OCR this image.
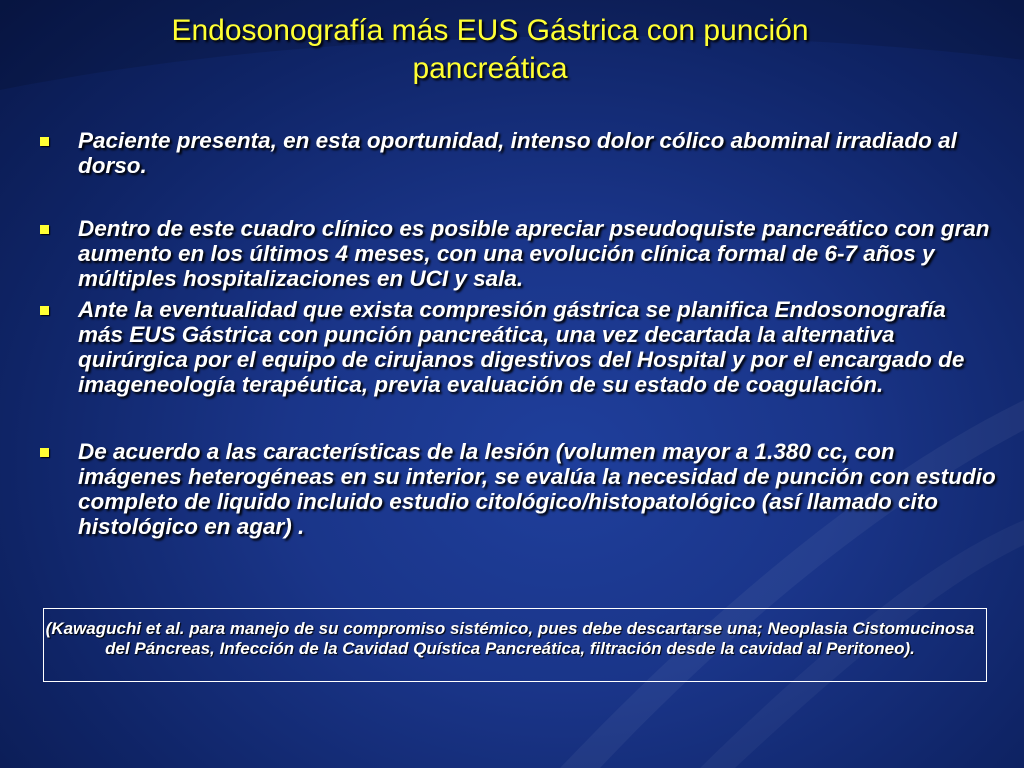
Endosonografía más EUS Gástrica con punción pancreática
Paciente presenta, en esta oportunidad, intenso dolor cólico abominal irradiado al dorso.
Dentro de este cuadro clínico es posible apreciar pseudoquiste pancreático con gran aumento en los últimos 4 meses, con una evolución clínica formal de 6-7 años y múltiples hospitalizaciones en UCI y sala.
Ante la eventualidad que exista compresión gástrica se planifica Endosonografía más EUS Gástrica con punción pancreática, una vez decartada la alternativa quirúrgica por el equipo de cirujanos digestivos del Hospital y por el encargado de imageneología terapéutica, previa evaluación de su estado de coagulación.
De acuerdo a las características de la lesión (volumen mayor a 1.380 cc, con imágenes heterogéneas en su interior, se evalúa la necesidad de punción con estudio completo de liquido incluido estudio citológico/histopatológico (así llamado cito histológico en agar) .
(Kawaguchi et al. para manejo de su compromiso sistémico, pues debe descartarse una; Neoplasia Cistomucinosa del Páncreas, Infección de la Cavidad Quística Pancreática, filtración desde la cavidad al Peritoneo).
